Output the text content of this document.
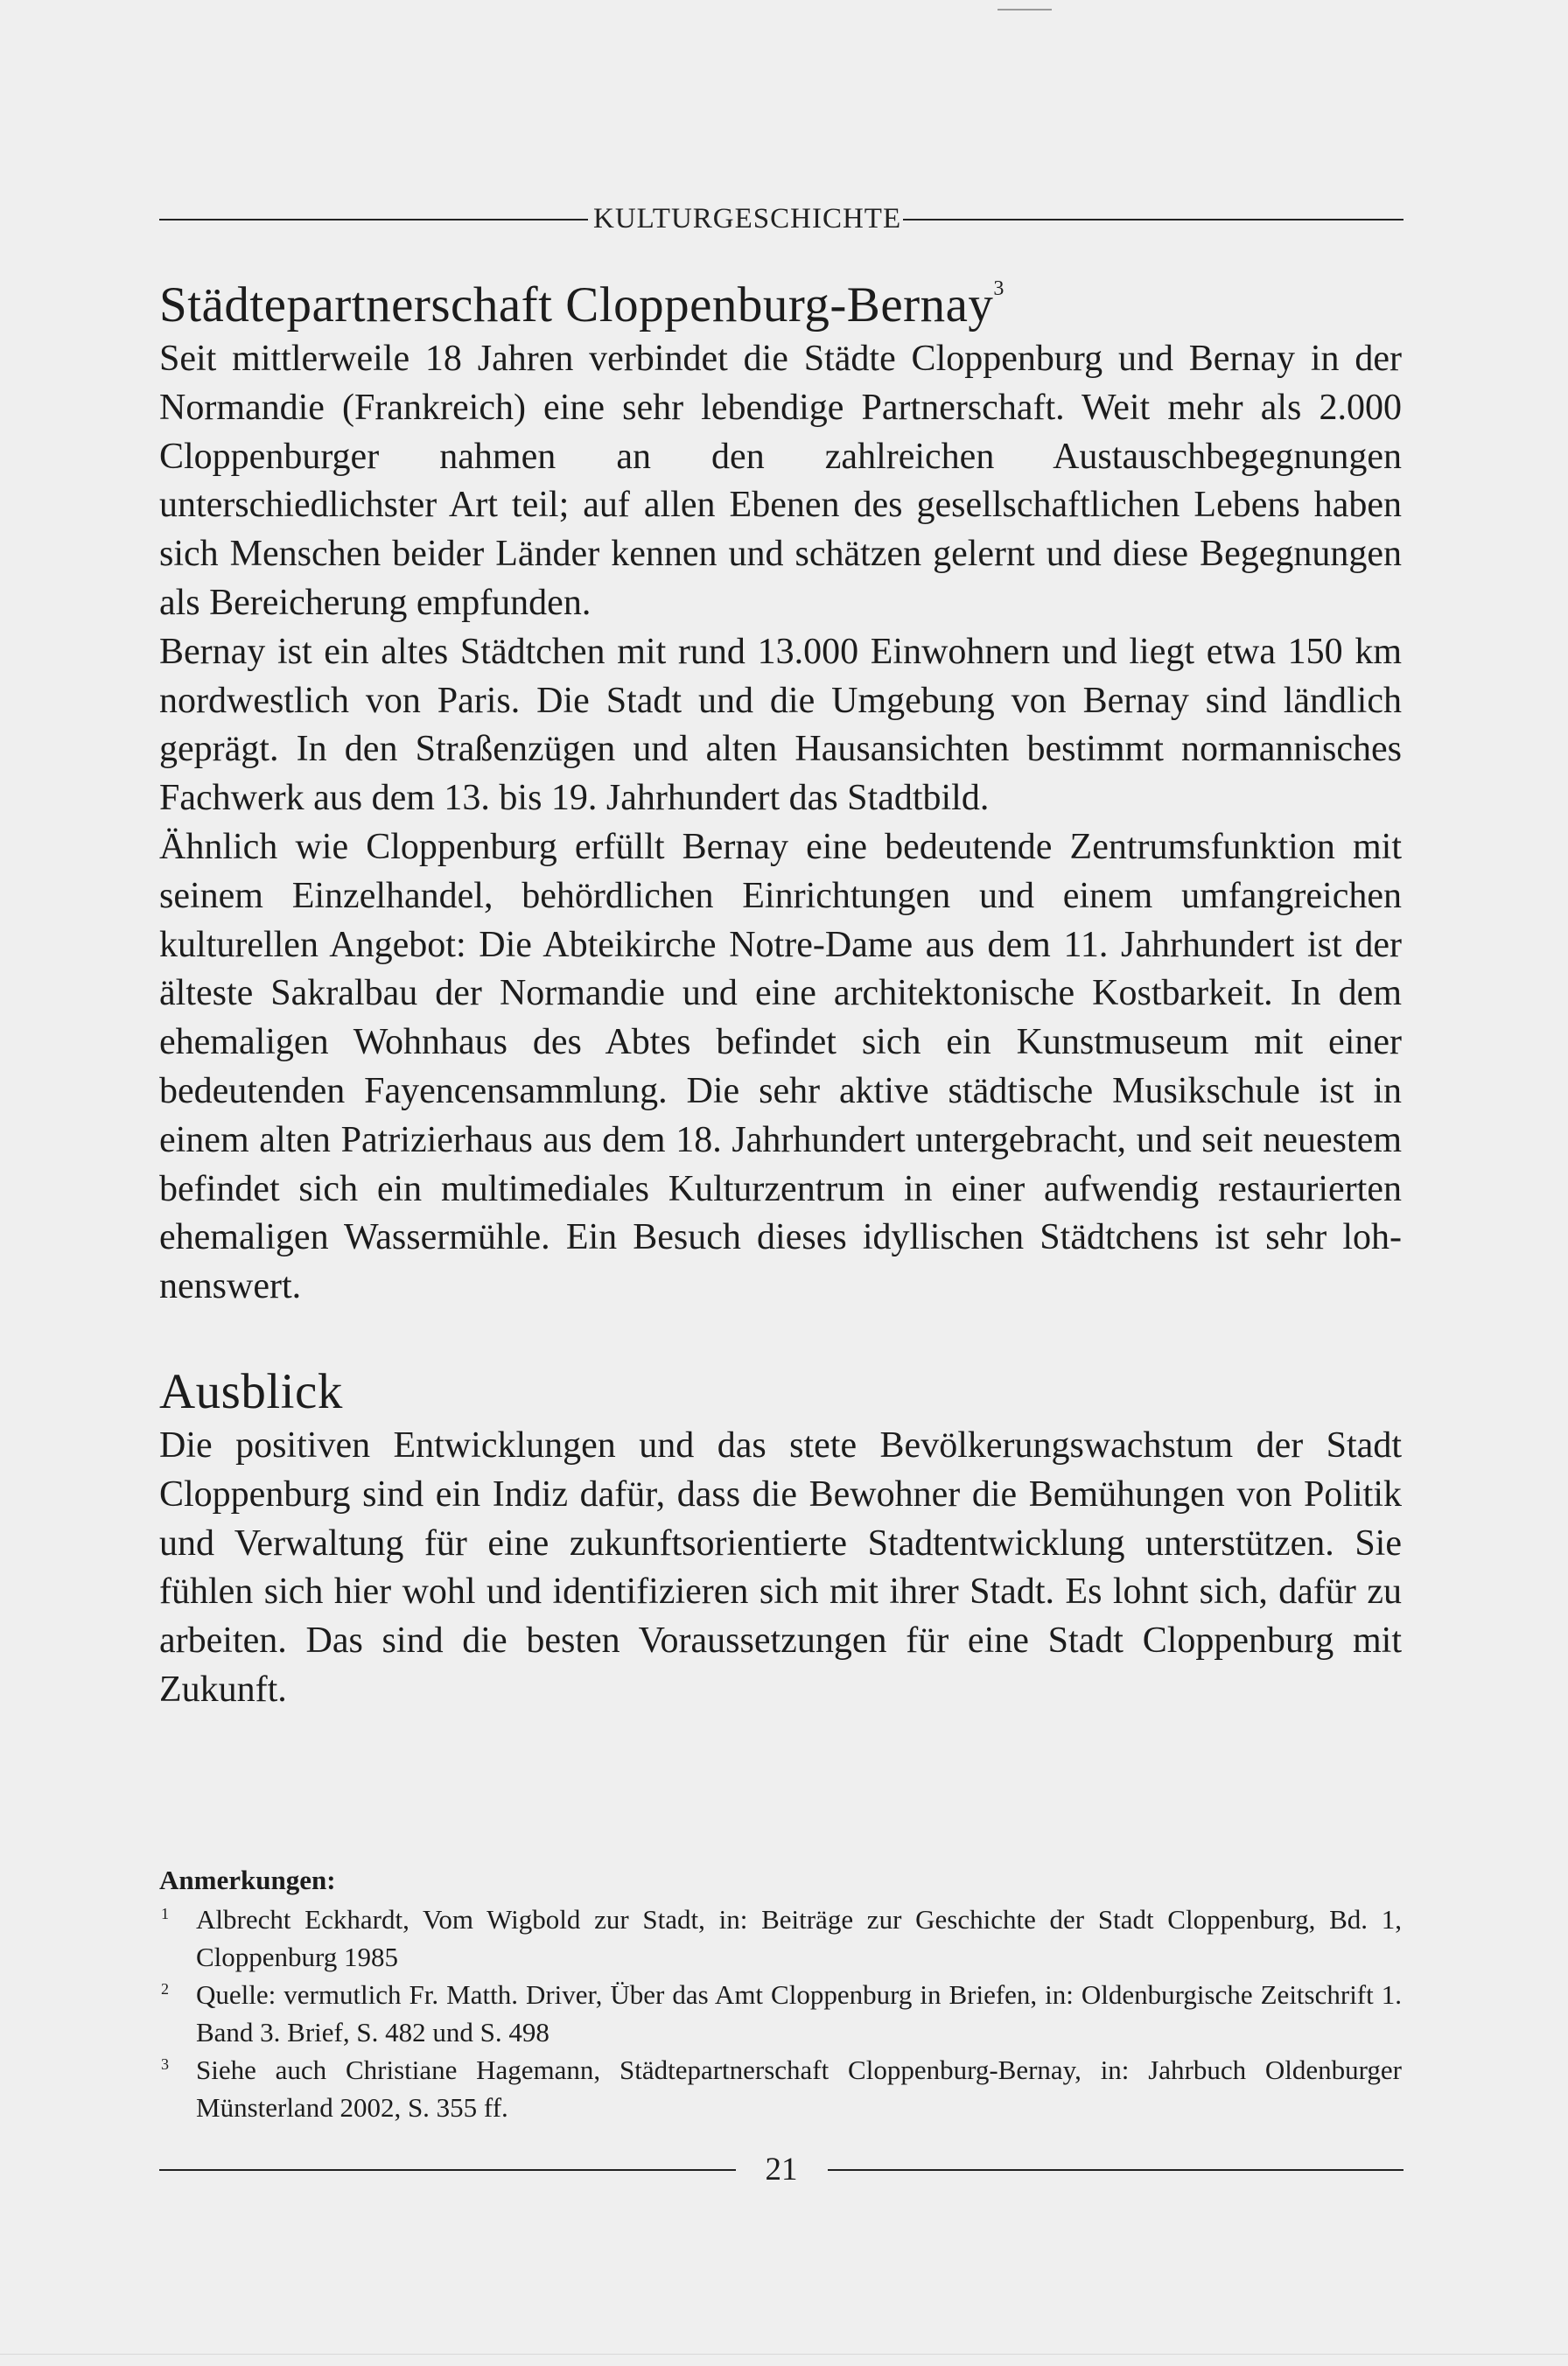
KULTURGESCHICHTE
Städtepartnerschaft Cloppenburg-Bernay$^3$

Seit mittlerweile 18 Jahren verbindet die Städte Cloppenburg und Bernay in der Normandie (Frankreich) eine sehr lebendige Partnerschaft. Weit mehr als 2.000 Cloppenburger nahmen an den zahlreichen Austauschbegegnungen unterschiedlichster Art teil; auf allen Ebenen des gesellschaftlichen Lebens haben sich Menschen beider Länder kennen und schätzen gelernt und diese Begegnungen als Bereicherung empfunden.

Bernay ist ein altes Städtchen mit rund 13.000 Einwohnern und liegt etwa 150 km nordwestlich von Paris. Die Stadt und die Umgebung von Bernay sind ländlich geprägt. In den Straßenzügen und alten Hausansichten bestimmt normannisches Fachwerk aus dem 13. bis 19. Jahrhundert das Stadtbild.

Ähnlich wie Cloppenburg erfüllt Bernay eine bedeutende Zentrumsfunktion mit seinem Einzelhandel, behördlichen Einrichtungen und einem umfangreichen kulturellen Angebot: Die Abteikirche Notre-Dame aus dem 11. Jahrhundert ist der älteste Sakralbau der Normandie und eine architektonische Kostbarkeit. In dem ehemaligen Wohnhaus des Abtes befindet sich ein Kunstmuseum mit einer bedeutenden Fayencensammlung. Die sehr aktive städtische Musikschule ist in einem alten Patrizierhaus aus dem 18. Jahrhundert untergebracht, und seit neuestem befindet sich ein multimediales Kulturzentrum in einer aufwendig restaurierten ehemaligen Wassermühle. Ein Besuch dieses idyllischen Städtchens ist sehr lohnenswert.

Ausblick

Die positiven Entwicklungen und das stete Bevölkerungswachstum der Stadt Cloppenburg sind ein Indiz dafür, dass die Bewohner die Bemühungen von Politik und Verwaltung für eine zukunftsorientierte Stadtentwicklung unterstützen. Sie fühlen sich hier wohl und identifizieren sich mit ihrer Stadt. Es lohnt sich, dafür zu arbeiten. Das sind die besten Voraussetzungen für eine Stadt Cloppenburg mit Zukunft.

Anmerkungen:

1 Albrecht Eckhardt, Vom Wigbold zur Stadt, in: Beiträge zur Geschichte der Stadt Cloppenburg, Bd. 1, Cloppenburg 1985

2 Quelle: vermutlich Fr. Matth. Driver, Über das Amt Cloppenburg in Briefen, in: Oldenburgische Zeitschrift 1. Band 3. Brief, S. 482 und S. 498

3 Siehe auch Christiane Hagemann, Städtepartnerschaft Cloppenburg-Bernay, in: Jahrbuch Oldenburger Münsterland 2002, S. 355 ff.

21
